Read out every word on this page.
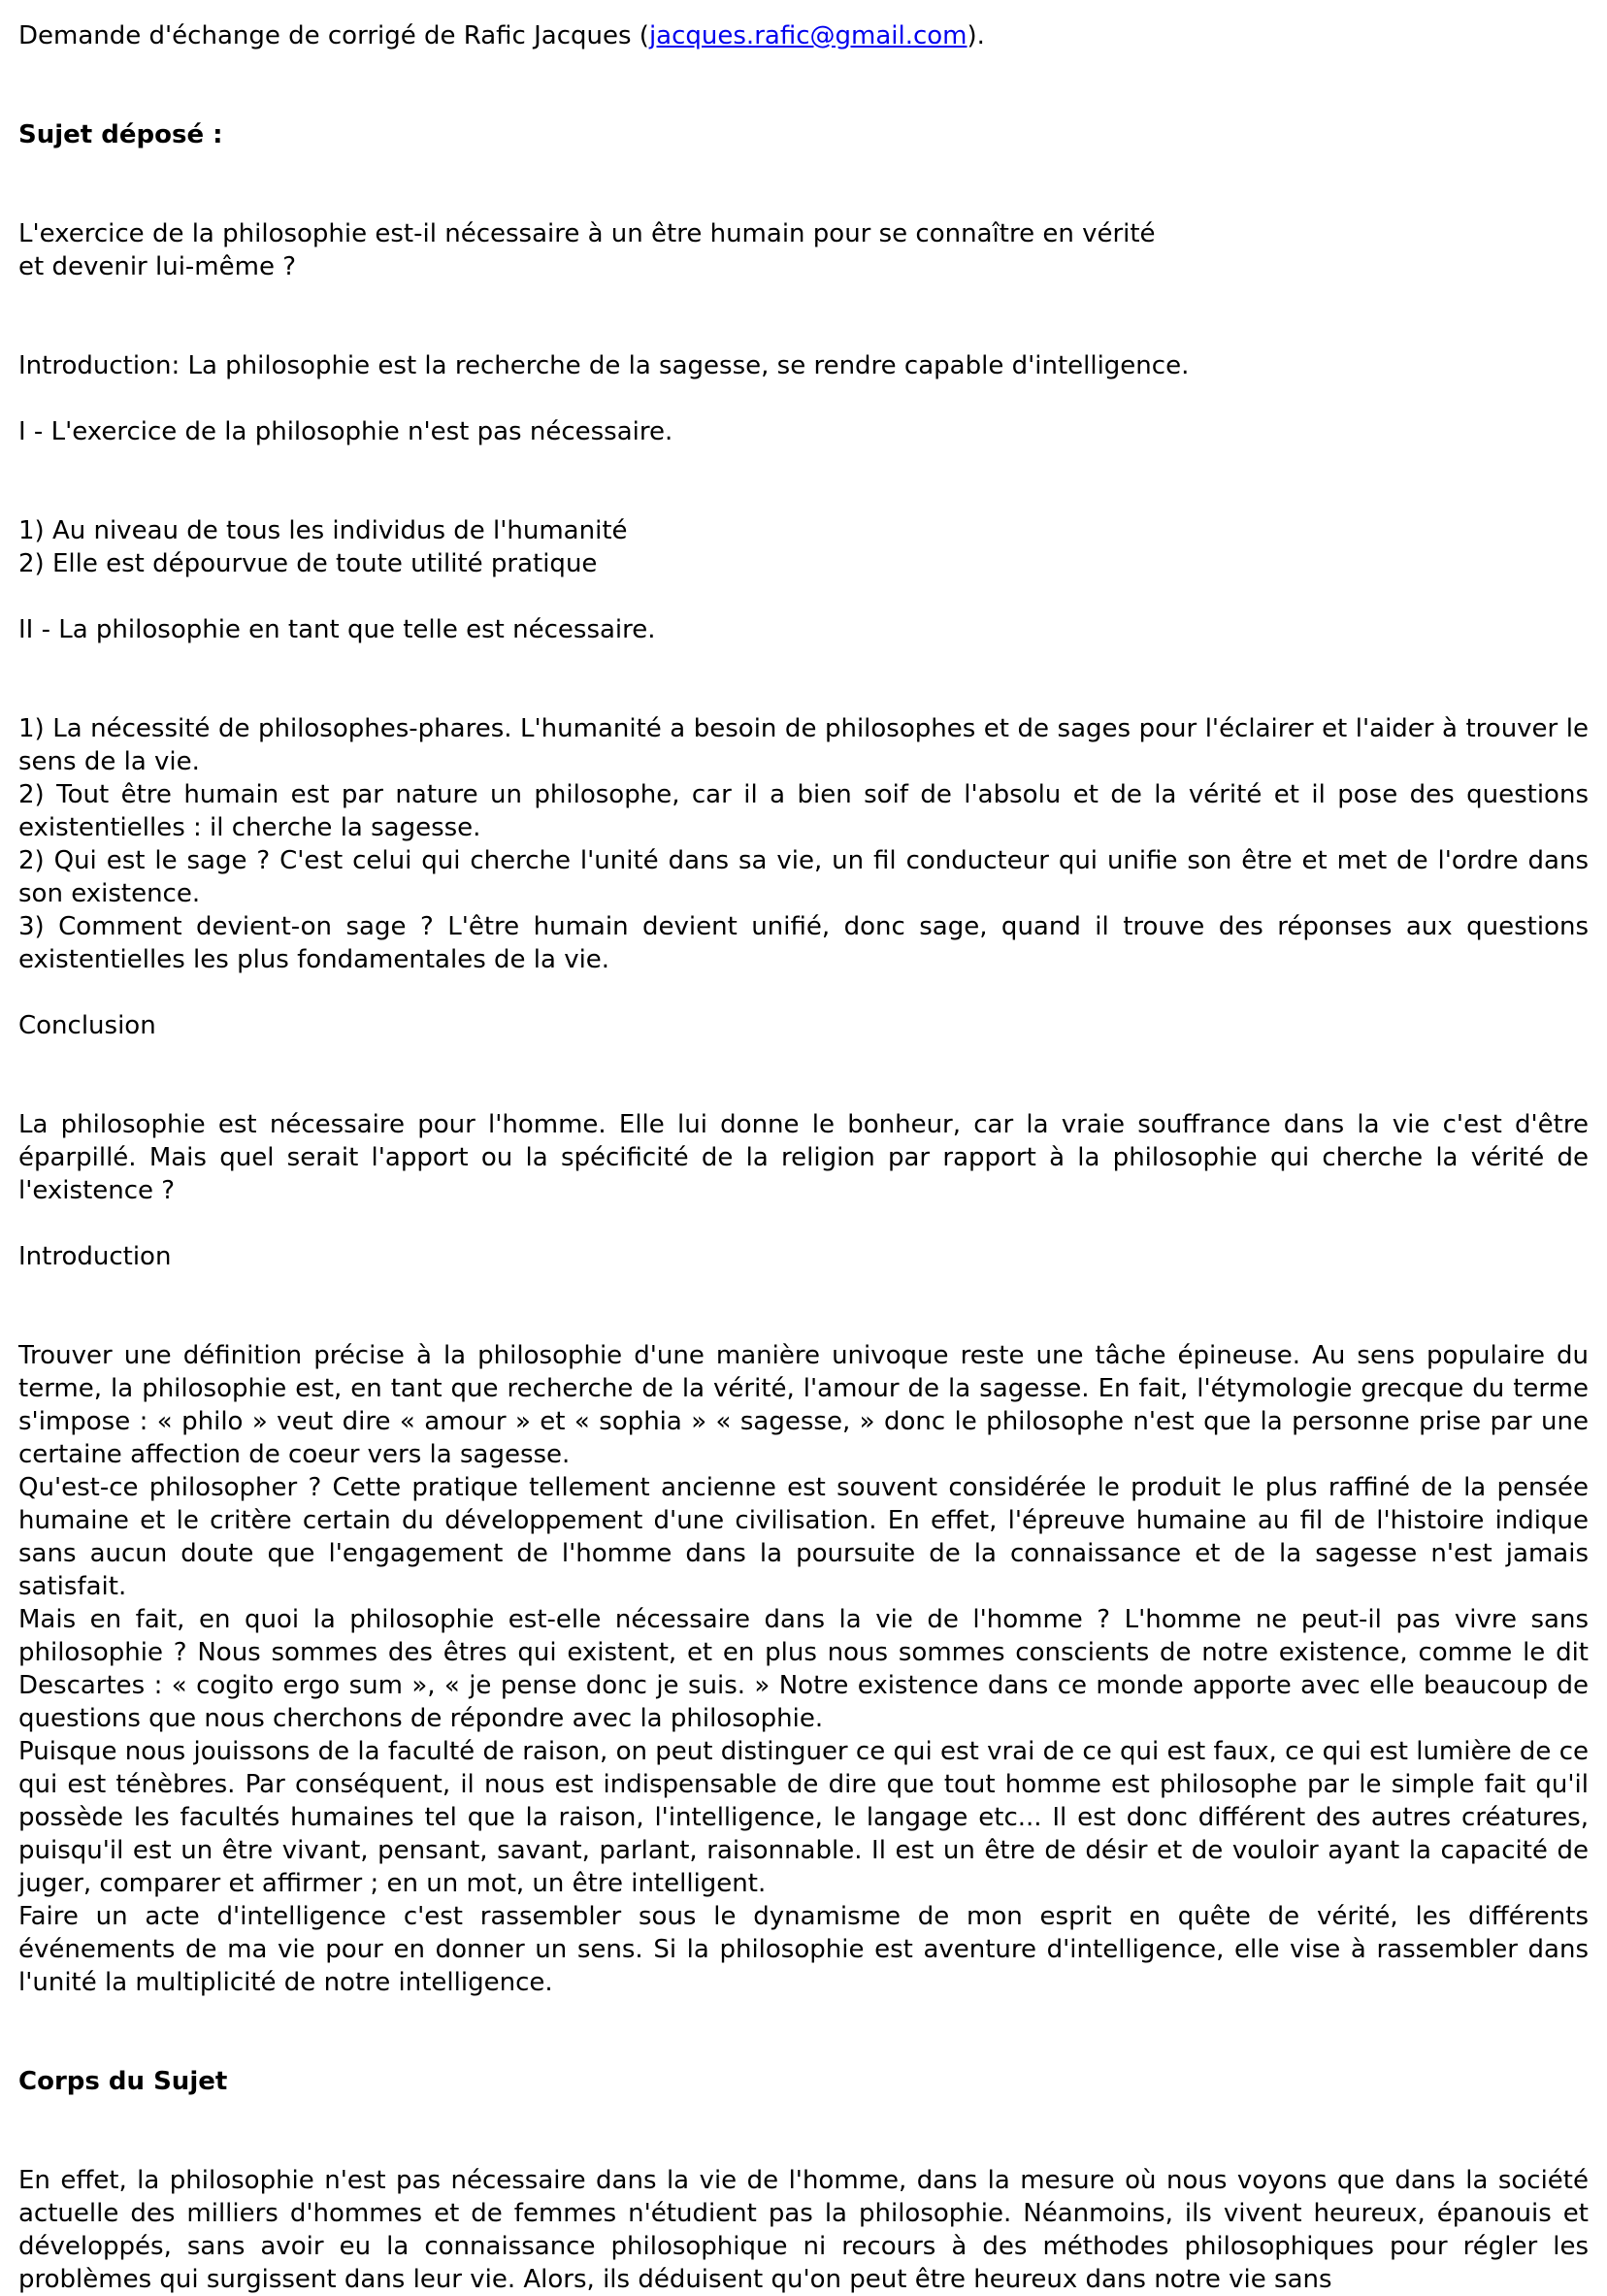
Demande d'échange de corrigé de Rafic Jacques (jacques.rafic@gmail.com).
Sujet déposé :
L'exercice de la philosophie est-il nécessaire à un être humain pour se connaître en vérité
et devenir lui-même ?
Introduction: La philosophie est la recherche de la sagesse, se rendre capable d'intelligence.
I - L'exercice de la philosophie n'est pas nécessaire.
1) Au niveau de tous les individus de l'humanité
2) Elle est dépourvue de toute utilité pratique
II - La philosophie en tant que telle est nécessaire.
1) La nécessité de philosophes-phares. L'humanité a besoin de philosophes et de sages pour l'éclairer et l'aider à trouver le sens de la vie.
2) Tout être humain est par nature un philosophe, car il a bien soif de l'absolu et de la vérité et il pose des questions existentielles : il cherche la sagesse.
2) Qui est le sage ? C'est celui qui cherche l'unité dans sa vie, un fil conducteur qui unifie son être et met de l'ordre dans son existence.
3) Comment devient-on sage ? L'être humain devient unifié, donc sage, quand il trouve des réponses aux questions existentielles les plus fondamentales de la vie.
Conclusion
La philosophie est nécessaire pour l'homme. Elle lui donne le bonheur, car la vraie souffrance dans la vie c'est d'être éparpillé. Mais quel serait l'apport ou la spécificité de la religion par rapport à la philosophie qui cherche la vérité de l'existence ?
Introduction
Trouver une définition précise à la philosophie d'une manière univoque reste une tâche épineuse. Au sens populaire du terme, la philosophie est, en tant que recherche de la vérité, l'amour de la sagesse. En fait, l'étymologie grecque du terme s'impose : « philo » veut dire « amour » et « sophia » « sagesse, » donc le philosophe n'est que la personne prise par une certaine affection de coeur vers la sagesse.
Qu'est-ce philosopher ? Cette pratique tellement ancienne est souvent considérée le produit le plus raffiné de la pensée humaine et le critère certain du développement d'une civilisation. En effet, l'épreuve humaine au fil de l'histoire indique sans aucun doute que l'engagement de l'homme dans la poursuite de la connaissance et de la sagesse n'est jamais satisfait.
Mais en fait, en quoi la philosophie est-elle nécessaire dans la vie de l'homme ? L'homme ne peut-il pas vivre sans philosophie ? Nous sommes des êtres qui existent, et en plus nous sommes conscients de notre existence, comme le dit Descartes : « cogito ergo sum », « je pense donc je suis. » Notre existence dans ce monde apporte avec elle beaucoup de questions que nous cherchons de répondre avec la philosophie.
Puisque nous jouissons de la faculté de raison, on peut distinguer ce qui est vrai de ce qui est faux, ce qui est lumière de ce qui est ténèbres. Par conséquent, il nous est indispensable de dire que tout homme est philosophe par le simple fait qu'il possède les facultés humaines tel que la raison, l'intelligence, le langage etc... Il est donc différent des autres créatures, puisqu'il est un être vivant, pensant, savant, parlant, raisonnable. Il est un être de désir et de vouloir ayant la capacité de juger, comparer et affirmer ; en un mot, un être intelligent.
Faire un acte d'intelligence c'est rassembler sous le dynamisme de mon esprit en quête de vérité, les différents événements de ma vie pour en donner un sens. Si la philosophie est aventure d'intelligence, elle vise à rassembler dans l'unité la multiplicité de notre intelligence.
Corps du Sujet
En effet, la philosophie n'est pas nécessaire dans la vie de l'homme, dans la mesure où nous voyons que dans la société actuelle des milliers d'hommes et de femmes n'étudient pas la philosophie. Néanmoins, ils vivent heureux, épanouis et développés, sans avoir eu la connaissance philosophique ni recours à des méthodes philosophiques pour régler les problèmes qui surgissent dans leur vie. Alors, ils déduisent qu'on peut être heureux dans notre vie sans
